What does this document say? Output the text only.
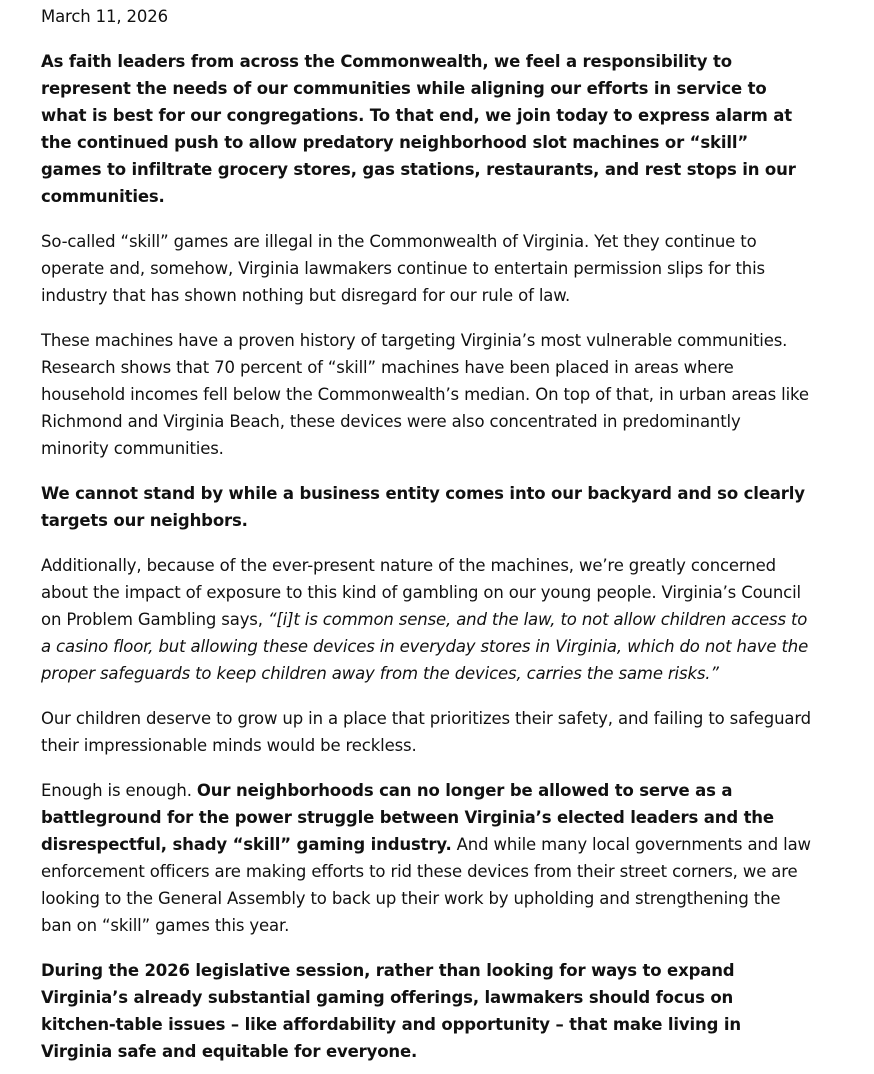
March 11, 2026

As faith leaders from across the Commonwealth, we feel a responsibility to represent the needs of our communities while aligning our efforts in service to what is best for our congregations. To that end, we join today to express alarm at the continued push to allow predatory neighborhood slot machines or “skill” games to infiltrate grocery stores, gas stations, restaurants, and rest stops in our communities.

So-called “skill” games are illegal in the Commonwealth of Virginia. Yet they continue to operate and, somehow, Virginia lawmakers continue to entertain permission slips for this industry that has shown nothing but disregard for our rule of law.

These machines have a proven history of targeting Virginia’s most vulnerable communities. Research shows that 70 percent of “skill” machines have been placed in areas where household incomes fell below the Commonwealth’s median. On top of that, in urban areas like Richmond and Virginia Beach, these devices were also concentrated in predominantly minority communities.

We cannot stand by while a business entity comes into our backyard and so clearly targets our neighbors.

Additionally, because of the ever-present nature of the machines, we’re greatly concerned about the impact of exposure to this kind of gambling on our young people. Virginia’s Council on Problem Gambling says, “[i]t is common sense, and the law, to not allow children access to a casino floor, but allowing these devices in everyday stores in Virginia, which do not have the proper safeguards to keep children away from the devices, carries the same risks.”

Our children deserve to grow up in a place that prioritizes their safety, and failing to safeguard their impressionable minds would be reckless.

Enough is enough. Our neighborhoods can no longer be allowed to serve as a battleground for the power struggle between Virginia’s elected leaders and the disrespectful, shady “skill” gaming industry. And while many local governments and law enforcement officers are making efforts to rid these devices from their street corners, we are looking to the General Assembly to back up their work by upholding and strengthening the ban on “skill” games this year.

During the 2026 legislative session, rather than looking for ways to expand Virginia’s already substantial gaming offerings, lawmakers should focus on kitchen-table issues – like affordability and opportunity – that make living in Virginia safe and equitable for everyone.
